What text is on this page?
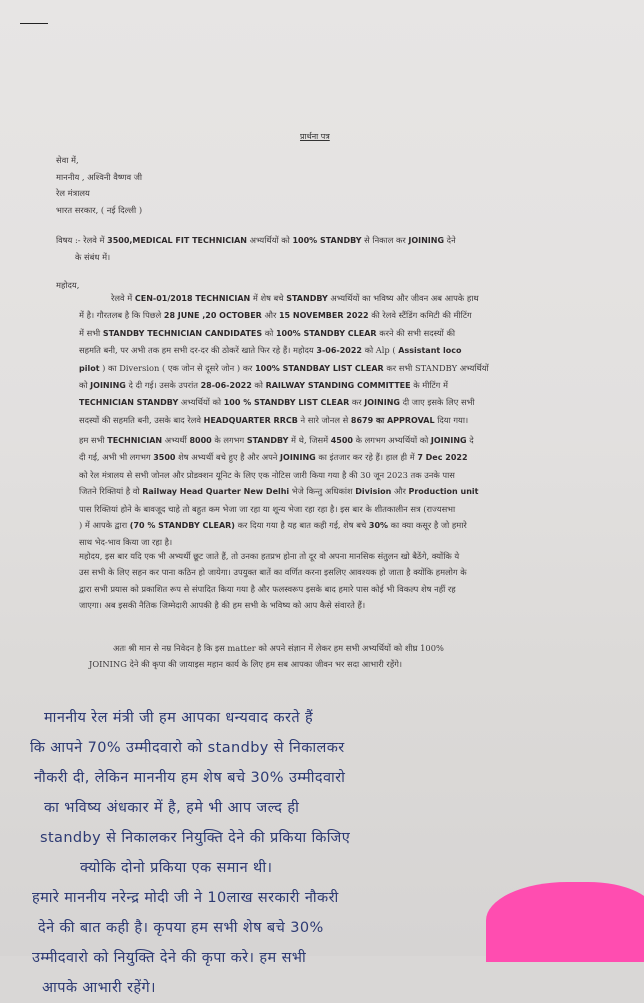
प्रार्थना पत्र
सेवा में,
माननीय , अश्विनी वैष्णव जी
रेल मंत्रालय
भारत सरकार, ( नई दिल्ली )
विषय :- रेलवे में 3500,MEDICAL FIT TECHNICIAN अभ्यर्थियों को 100% STANDBY से निकाल कर JOINING देने
के संबंध में।
महोदय,

रेलवे में CEN-01/2018 TECHNICIAN में शेष बचे STANDBY अभ्यर्थियों का भविष्य और जीवन अब आपके हाथ

में है। गौरतलब है कि पिछले 28 JUNE ,20 OCTOBER और 15 NOVEMBER 2022 की रेलवे स्टैंडिंग कमिटी की मीटिंग

में सभी STANDBY TECHNICIAN CANDIDATES को 100% STANDBY CLEAR करने की सभी सदस्यों की

सहमति बनी, पर अभी तक हम सभी दर-दर की ठोकरें खाते फिर रहे हैं। महोदय 3-06-2022 को Alp ( Assistant loco

pilot ) का Diversion ( एक जोन से दूसरे जोन ) कर 100% STANDBAY LIST CLEAR कर सभी STANDBY अभ्यर्थियों

को JOINING दे दी गई। उसके उपरांत 28-06-2022 को RAILWAY STANDING COMMITTEE के मीटिंग में

TECHNICIAN STANDBY अभ्यर्थियों को 100 % STANDBY LIST CLEAR कर JOINING दी जाए इसके लिए सभी

सदस्यों की सहमति बनी, उसके बाद रेलवे HEADQUARTER RRCB ने सारे जोनल से 8679 का APPROVAL दिया गया।

हम सभी TECHNICIAN अभ्यर्थी 8000 के लगभग STANDBY में थे, जिसमें 4500 के लगभग अभ्यर्थियों को JOINING दे

दी गई, अभी भी लगभग 3500 शेष अभ्यर्थी बचे हुए है और अपने JOINING का इंतजार कर रहे हैं। हाल ही में 7 Dec 2022

को रेल मंत्रालय से सभी जोनल और प्रोडक्शन यूनिट के लिए एक नोटिस जारी किया गया है की 30 जून 2023 तक उनके पास

जितने रिक्तियां है वो Railway Head Quarter New Delhi भेजे किन्तु अधिकांश Division और Production unit

पास रिक्तियां होने के बावजूद चाहे तो बहुत कम भेजा जा रहा या शून्य भेजा रहा रहा है। इस बार के शीतकालीन सत्र (राज्यसभा

) में आपके द्वारा (70 % STANDBY CLEAR) कर दिया गया है यह बात कही गई, शेष बचे 30% का क्या कसूर है जो हमारे

साथ भेद-भाव किया जा रहा है।

महोदय, इस बार यदि एक भी अभ्यर्थी छूट जाते हैं, तो उनका हतप्रभ होना तो दूर वो अपना मानसिक संतुलन खो बैठेंगे, क्योंकि ये

उस सभी के लिए सहन कर पाना कठिन हो जायेगा। उपयुक्त बातें का वर्णित करना इसलिए आवश्यक हो जाता है क्योंकि हमलोग के

द्वारा सभी प्रयास को प्रकाशित रूप से संपादित किया गया है और फलस्वरूप इसके बाद हमारे पास कोई भी विकल्प शेष नहीं रह

जाएगा। अब इसकी नैतिक जिम्मेदारी आपकी है की हम सभी के भविष्य को आप कैसे संवारते हैं।

अतः श्री मान से नम्र निवेदन है कि इस matter को अपने संज्ञान में लेकर हम सभी अभ्यर्थियों को शीघ्र 100%

JOINING देने की कृपा की जायाइस महान कार्य के लिए हम सब आपका जीवन भर सदा आभारी रहेंगे।

माननीय रेल मंत्री जी हम आपका धन्यवाद करते हैं

कि आपने 70% उम्मीदवारो को standby से निकालकर

नौकरी दी, लेकिन माननीय हम शेष बचे 30% उम्मीदवारो

का भविष्य अंधकार में है, हमे भी आप जल्द ही

standby से निकालकर नियुक्ति देने की प्रकिया किजिए

क्योकि दोनो प्रकिया एक समान थी।

हमारे माननीय नरेन्द्र मोदी जी ने 10लाख सरकारी नौकरी

देने की बात कही है। कृपया हम सभी शेष बचे 30%

उम्मीदवारो को नियुक्ति देने की कृपा करे। हम सभी

आपके आभारी रहेंगे।
